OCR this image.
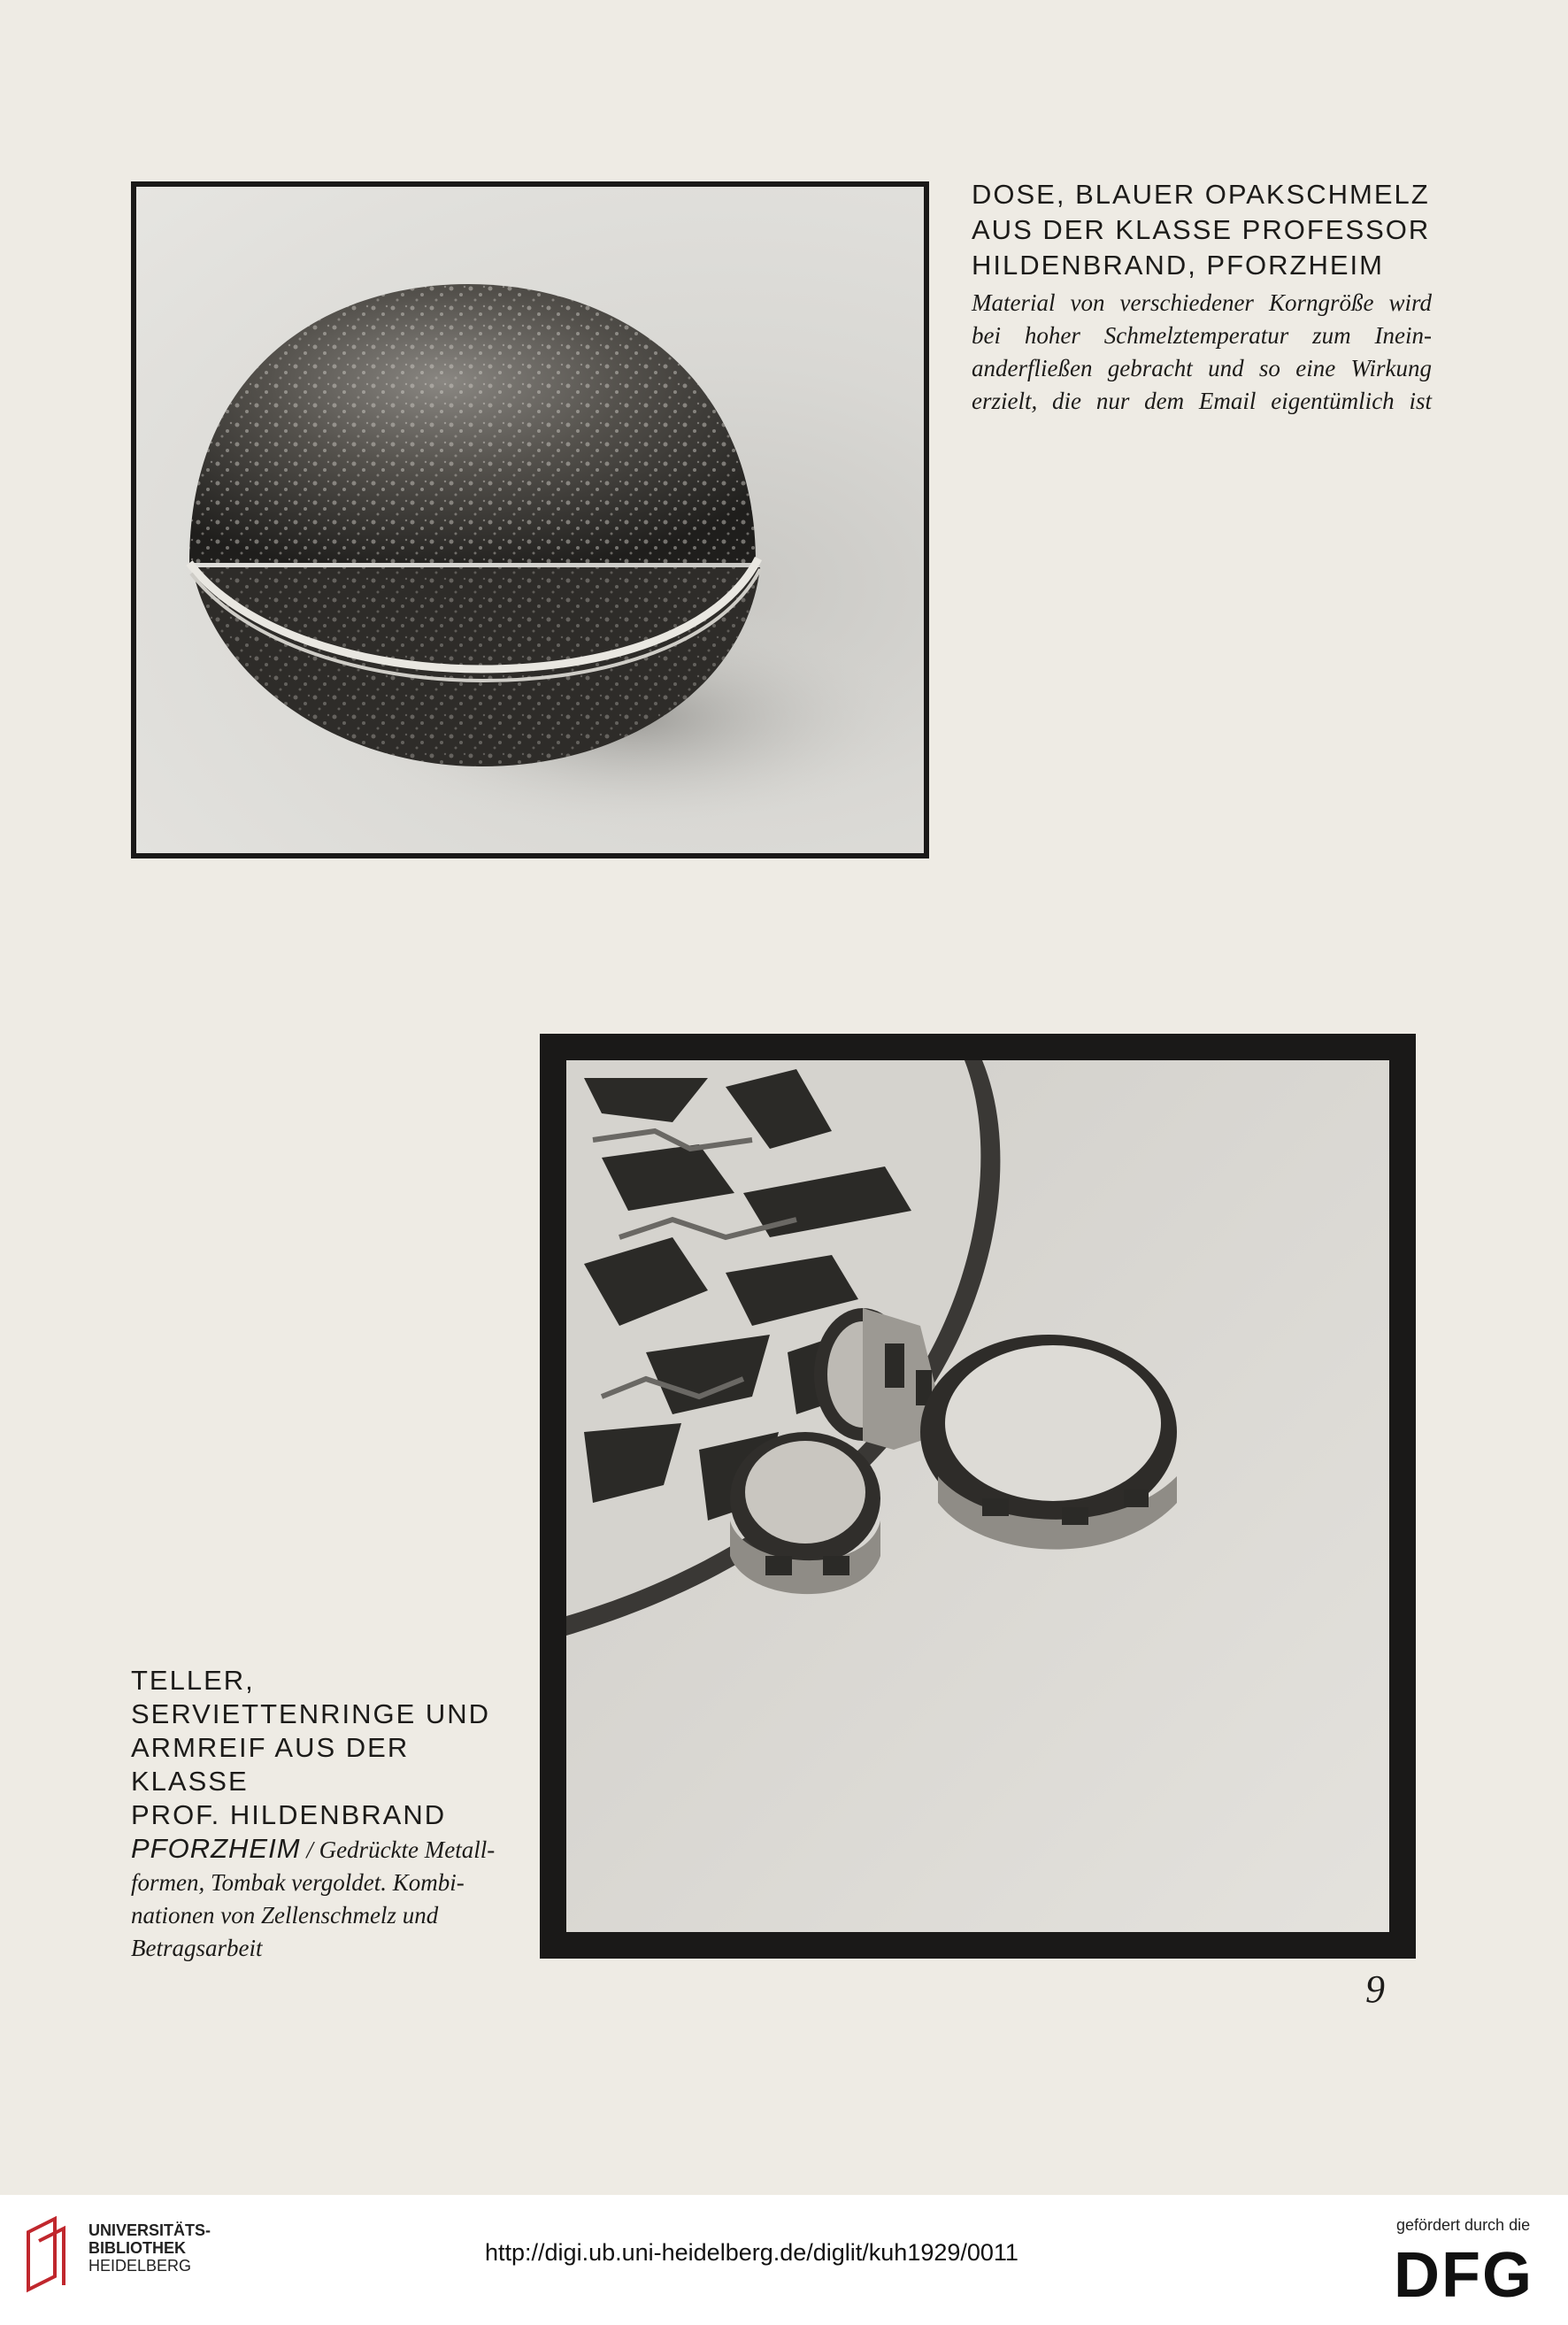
DOSE, BLAUER OPAKSCHMELZ
AUS DER KLASSE PROFESSOR
HILDENBRAND, PFORZHEIM

Material von verschiedener Korngröße wird
bei hoher Schmelztemperatur zum Inein-
anderfließen gebracht und so eine Wirkung
erzielt, die nur dem Email eigentümlich ist

TELLER,
SERVIETTENRINGE UND
ARMREIF AUS DER KLASSE
PROF. HILDENBRAND

PFORZHEIM / Gedrückte Metall-
formen, Tombak vergoldet. Kombi-
nationen von Zellenschmelz und
Betragsarbeit
9
UNIVERSITÄTS-
BIBLIOTHEK
HEIDELBERG	http://digi.ub.uni-heidelberg.de/diglit/kuh1929/0011
gefördert durch die
DFG
